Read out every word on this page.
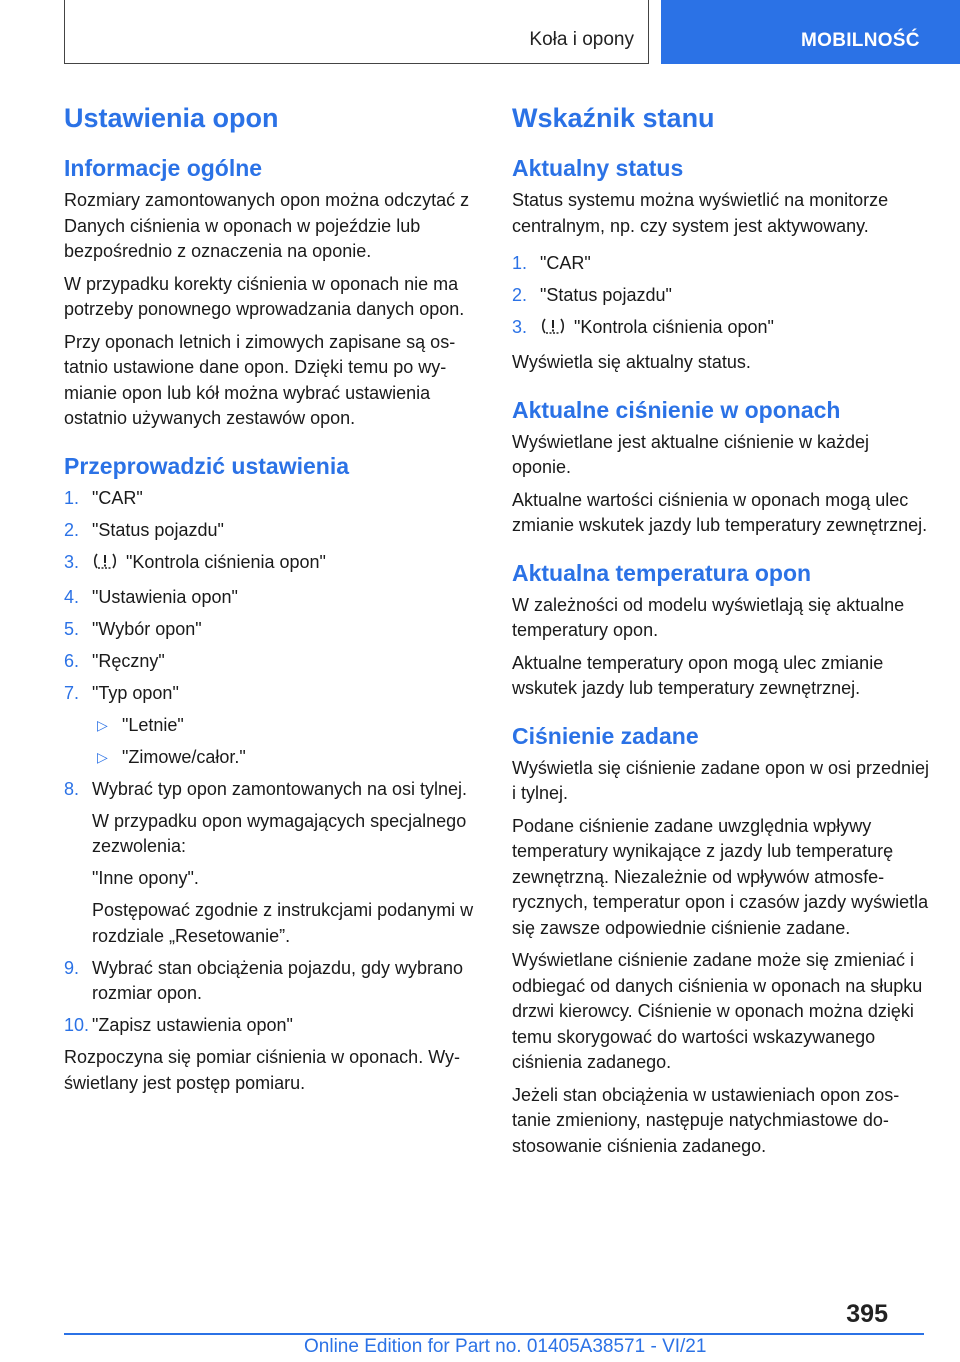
Koła i opony	MOBILNOŚĆ
Ustawienia opon
Informacje ogólne

Rozmiary zamontowanych opon można odczytać z Danych ciśnienia w oponach w pojeździe lub bezpośrednio z oznaczenia na oponie.

W przypadku korekty ciśnienia w oponach nie ma potrzeby ponownego wprowadzania danych opon.

Przy oponach letnich i zimowych zapisane są ostatnio ustawione dane opon. Dzięki temu po wymianie opon lub kół można wybrać ustawienia ostatnio używanych zestawów opon.

Przeprowadzić ustawienia
1. "CAR"
2. "Status pojazdu"
3.	"Kontrola ciśnienia opon"
4. "Ustawienia opon"
5. "Wybór opon"
6. "Ręczny"
7. "Typ opon"
▷ "Letnie"
▷ "Zimowe/całor."
8. Wybrać typ opon zamontowanych na osi tylnej.
W przypadku opon wymagających specjalnego zezwolenia:
"Inne opony".
Postępować zgodnie z instrukcjami podanymi w rozdziale „Resetowanie”.
9. Wybrać stan obciążenia pojazdu, gdy wybrano rozmiar opon.
10. "Zapisz ustawienia opon"

Rozpoczyna się pomiar ciśnienia w oponach. Wyświetlany jest postęp pomiaru.

Wskaźnik stanu
Aktualny status

Status systemu można wyświetlić na monitorze centralnym, np. czy system jest aktywowany.

1. "CAR"
2. "Status pojazdu"
3.	"Kontrola ciśnienia opon"

Wyświetla się aktualny status.

Aktualne ciśnienie w oponach

Wyświetlane jest aktualne ciśnienie w każdej oponie.

Aktualne wartości ciśnienia w oponach mogą ulec zmianie wskutek jazdy lub temperatury zewnętrznej.

Aktualna temperatura opon

W zależności od modelu wyświetlają się aktualne temperatury opon.

Aktualne temperatury opon mogą ulec zmianie wskutek jazdy lub temperatury zewnętrznej.

Ciśnienie zadane

Wyświetla się ciśnienie zadane opon w osi przedniej i tylnej.

Podane ciśnienie zadane uwzględnia wpływy temperatury wynikające z jazdy lub temperaturę zewnętrzną. Niezależnie od wpływów atmosferycznych, temperatur opon i czasów jazdy wyświetla się zawsze odpowiednie ciśnienie zadane.

Wyświetlane ciśnienie zadane może się zmieniać i odbiegać od danych ciśnienia w oponach na słupku drzwi kierowcy. Ciśnienie w oponach można dzięki temu skorygować do wartości wskazywanego ciśnienia zadanego.

Jeżeli stan obciążenia w ustawieniach opon zostanie zmieniony, następuje natychmiastowe dostosowanie ciśnienia zadanego.

395
Online Edition for Part no. 01405A38571 - VI/21
